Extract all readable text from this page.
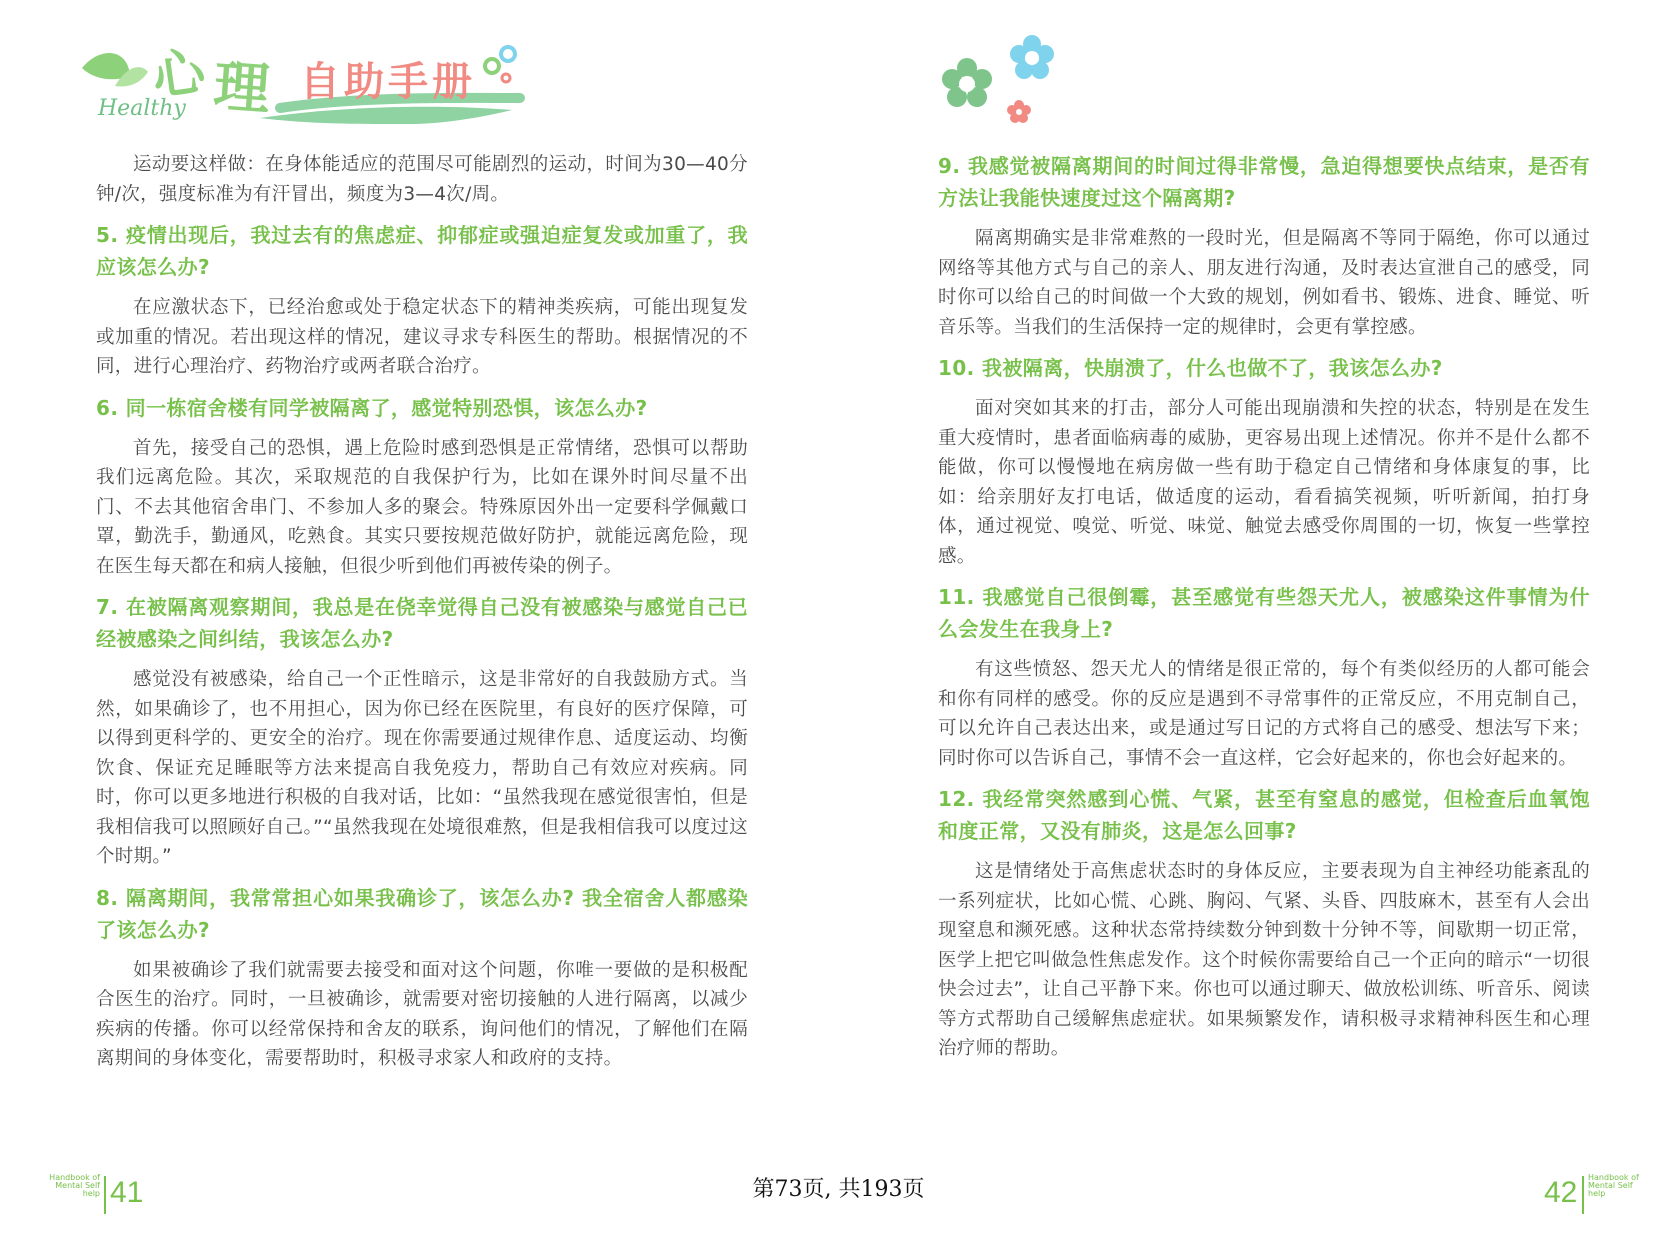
心 理 自助手册
Healthy

运动要这样做：在身体能适应的范围尽可能剧烈的运动，时间为30—40分钟/次，强度标准为有汗冒出，频度为3—4次/周。

5. 疫情出现后，我过去有的焦虑症、抑郁症或强迫症复发或加重了，我应该怎么办?

在应激状态下，已经治愈或处于稳定状态下的精神类疾病，可能出现复发或加重的情况。若出现这样的情况，建议寻求专科医生的帮助。根据情况的不同，进行心理治疗、药物治疗或两者联合治疗。

6. 同一栋宿舍楼有同学被隔离了，感觉特别恐惧，该怎么办?

首先，接受自己的恐惧，遇上危险时感到恐惧是正常情绪，恐惧可以帮助我们远离危险。其次，采取规范的自我保护行为，比如在课外时间尽量不出门、不去其他宿舍串门、不参加人多的聚会。特殊原因外出一定要科学佩戴口罩，勤洗手，勤通风，吃熟食。其实只要按规范做好防护，就能远离危险，现在医生每天都在和病人接触，但很少听到他们再被传染的例子。

7. 在被隔离观察期间，我总是在侥幸觉得自己没有被感染与感觉自己已经被感染之间纠结，我该怎么办?

感觉没有被感染，给自己一个正性暗示，这是非常好的自我鼓励方式。当然，如果确诊了，也不用担心，因为你已经在医院里，有良好的医疗保障，可以得到更科学的、更安全的治疗。现在你需要通过规律作息、适度运动、均衡饮食、保证充足睡眠等方法来提高自我免疫力，帮助自己有效应对疾病。同时，你可以更多地进行积极的自我对话，比如：“虽然我现在感觉很害怕，但是我相信我可以照顾好自己。”“虽然我现在处境很难熬，但是我相信我可以度过这个时期。”

8. 隔离期间，我常常担心如果我确诊了，该怎么办? 我全宿舍人都感染了该怎么办?

如果被确诊了我们就需要去接受和面对这个问题，你唯一要做的是积极配合医生的治疗。同时，一旦被确诊，就需要对密切接触的人进行隔离，以减少疾病的传播。你可以经常保持和舍友的联系，询问他们的情况，了解他们在隔离期间的身体变化，需要帮助时，积极寻求家人和政府的支持。

9. 我感觉被隔离期间的时间过得非常慢，急迫得想要快点结束，是否有方法让我能快速度过这个隔离期?

隔离期确实是非常难熬的一段时光，但是隔离不等同于隔绝，你可以通过网络等其他方式与自己的亲人、朋友进行沟通，及时表达宣泄自己的感受，同时你可以给自己的时间做一个大致的规划，例如看书、锻炼、进食、睡觉、听音乐等。当我们的生活保持一定的规律时，会更有掌控感。

10. 我被隔离，快崩溃了，什么也做不了，我该怎么办?

面对突如其来的打击，部分人可能出现崩溃和失控的状态，特别是在发生重大疫情时，患者面临病毒的威胁，更容易出现上述情况。你并不是什么都不能做，你可以慢慢地在病房做一些有助于稳定自己情绪和身体康复的事，比如：给亲朋好友打电话，做适度的运动，看看搞笑视频，听听新闻，拍打身体，通过视觉、嗅觉、听觉、味觉、触觉去感受你周围的一切，恢复一些掌控感。

11. 我感觉自己很倒霉，甚至感觉有些怨天尤人，被感染这件事情为什么会发生在我身上?

有这些愤怒、怨天尤人的情绪是很正常的，每个有类似经历的人都可能会和你有同样的感受。你的反应是遇到不寻常事件的正常反应，不用克制自己，可以允许自己表达出来，或是通过写日记的方式将自己的感受、想法写下来；同时你可以告诉自己，事情不会一直这样，它会好起来的，你也会好起来的。

12. 我经常突然感到心慌、气紧，甚至有窒息的感觉，但检查后血氧饱和度正常，又没有肺炎，这是怎么回事?

这是情绪处于高焦虑状态时的身体反应，主要表现为自主神经功能紊乱的一系列症状，比如心慌、心跳、胸闷、气紧、头昏、四肢麻木，甚至有人会出现窒息和濒死感。这种状态常持续数分钟到数十分钟不等，间歇期一切正常，医学上把它叫做急性焦虑发作。这个时候你需要给自己一个正向的暗示“一切很快会过去”，让自己平静下来。你也可以通过聊天、做放松训练、听音乐、阅读等方式帮助自己缓解焦虑症状。如果频繁发作，请积极寻求精神科医生和心理治疗师的帮助。

Handbook of
Mental Self
help 41	第73页, 共193页	42 Handbook of
Mental Self
help
